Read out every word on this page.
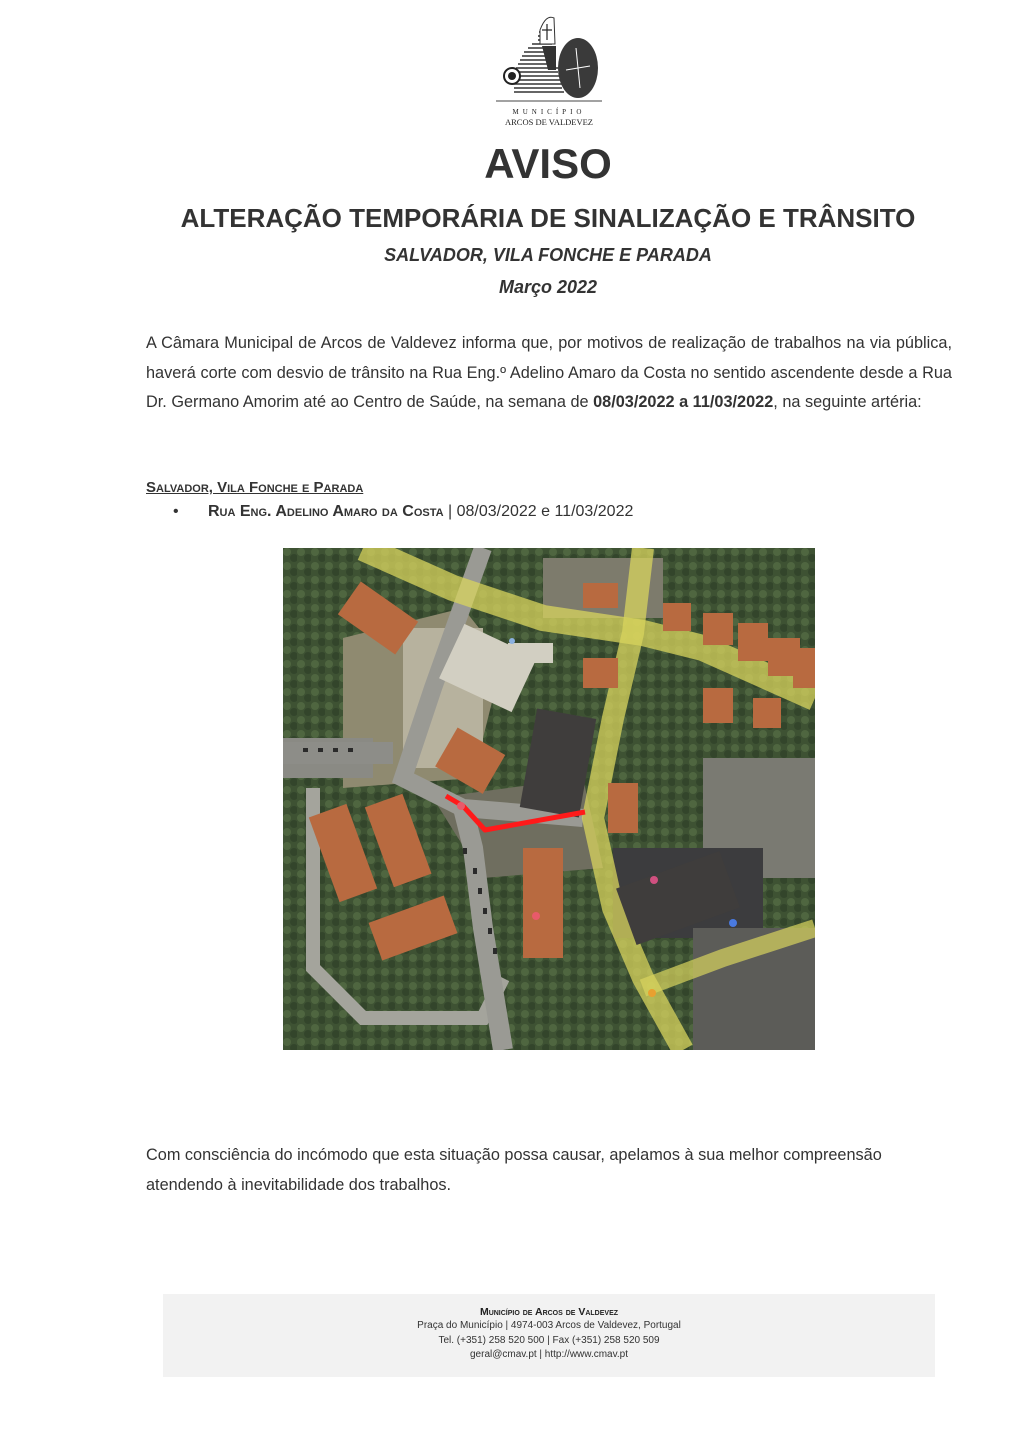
MUNICÍPIO
ARCOS DE VALDEVEZ
AVISO
ALTERAÇÃO TEMPORÁRIA DE SINALIZAÇÃO E TRÂNSITO
SALVADOR, VILA FONCHE E PARADA
Março 2022
A Câmara Municipal de Arcos de Valdevez informa que, por motivos de realização de trabalhos na via pública, haverá corte com desvio de trânsito na Rua Eng.º Adelino Amaro da Costa no sentido ascendente desde a Rua Dr. Germano Amorim até ao Centro de Saúde, na semana de 08/03/2022 a 11/03/2022, na seguinte artéria:
Salvador, Vila Fonche e Parada
• Rua Eng. Adelino Amaro da Costa | 08/03/2022 e 11/03/2022
Com consciência do incómodo que esta situação possa causar, apelamos à sua melhor compreensão atendendo à inevitabilidade dos trabalhos.
Município de Arcos de Valdevez
Praça do Município | 4974-003 Arcos de Valdevez, Portugal
Tel. (+351) 258 520 500 | Fax (+351) 258 520 509
geral@cmav.pt | http://www.cmav.pt
